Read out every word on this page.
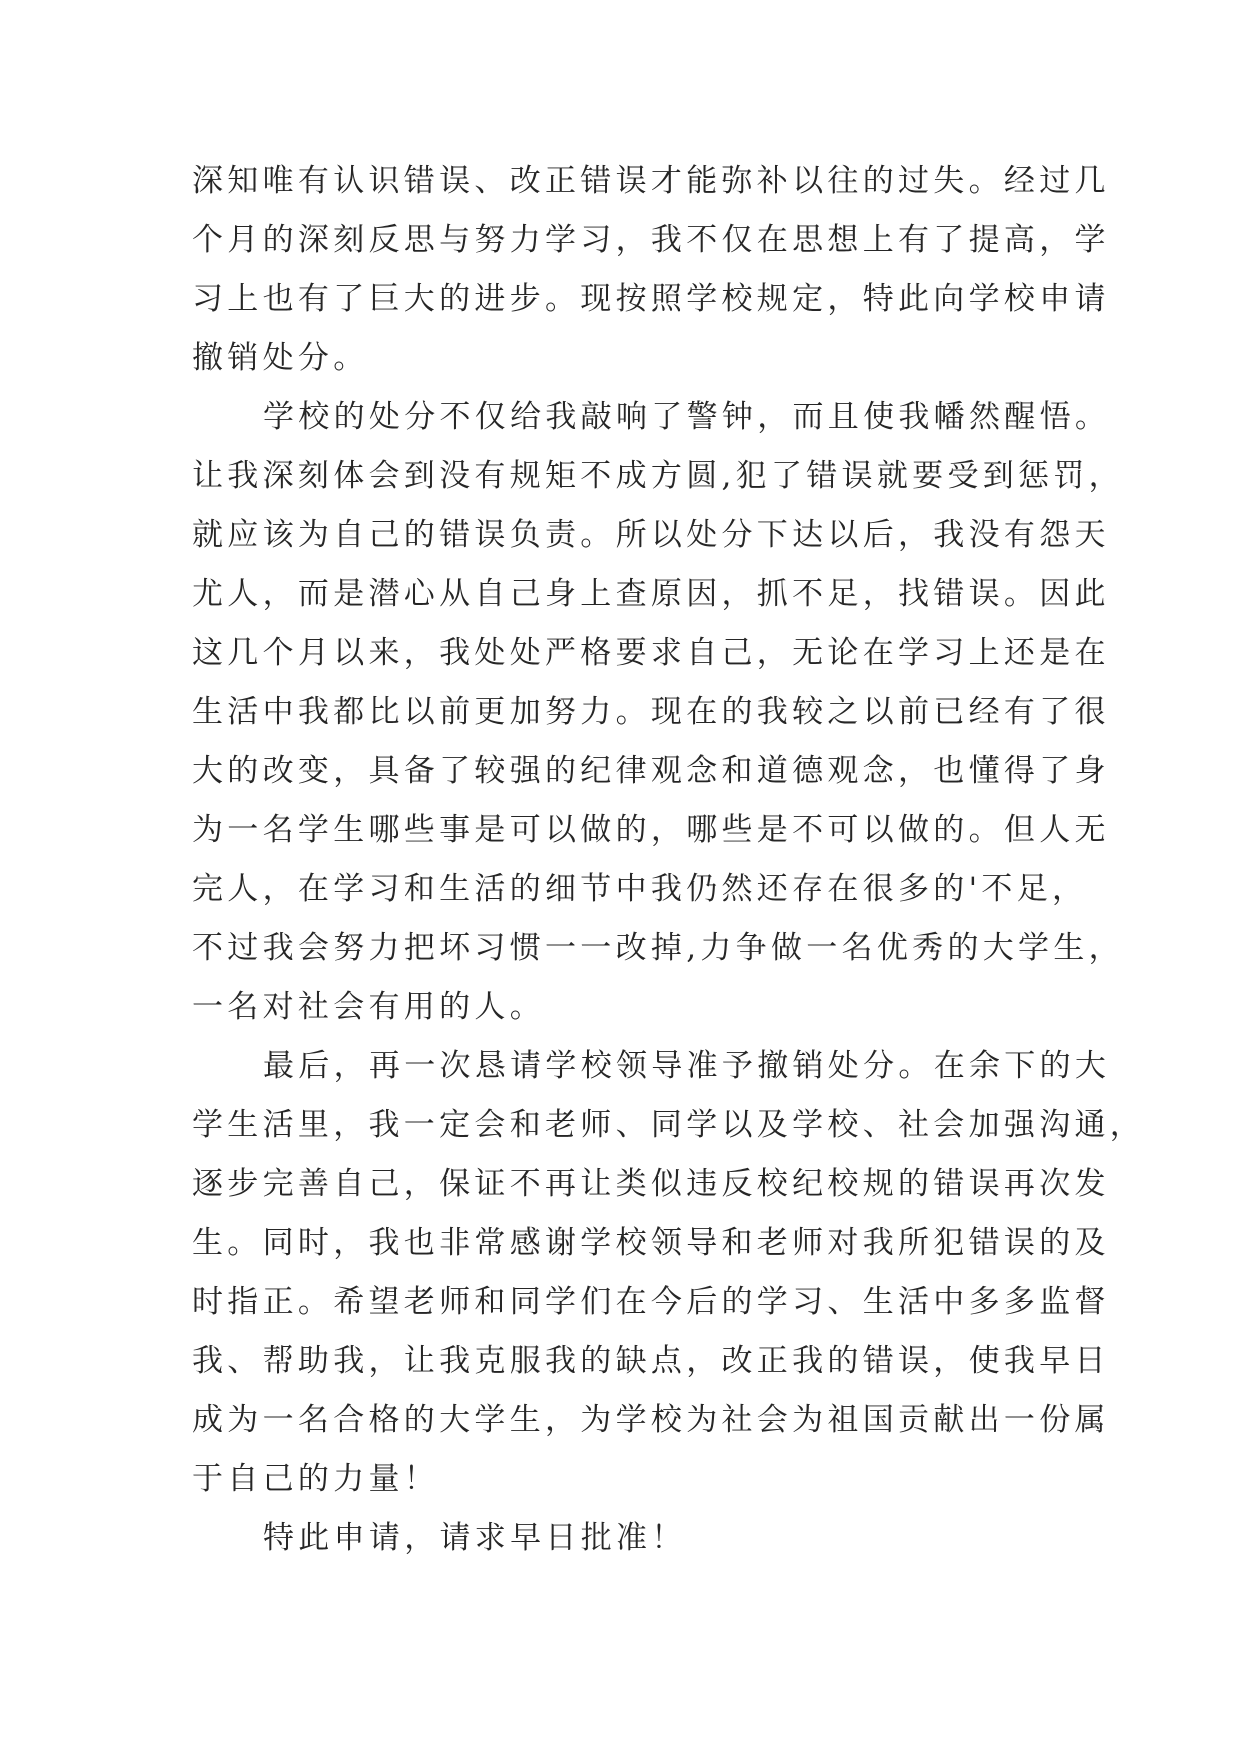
深知唯有认识错误、改正错误才能弥补以往的过失。经过几
个月的深刻反思与努力学习，我不仅在思想上有了提高，学
习上也有了巨大的进步。现按照学校规定，特此向学校申请
撤销处分。
学校的处分不仅给我敲响了警钟，而且使我幡然醒悟。
让我深刻体会到没有规矩不成方圆,犯了错误就要受到惩罚，
就应该为自己的错误负责。所以处分下达以后，我没有怨天
尤人，而是潜心从自己身上查原因，抓不足，找错误。因此
这几个月以来，我处处严格要求自己，无论在学习上还是在
生活中我都比以前更加努力。现在的我较之以前已经有了很
大的改变，具备了较强的纪律观念和道德观念，也懂得了身
为一名学生哪些事是可以做的，哪些是不可以做的。但人无
完人，在学习和生活的细节中我仍然还存在很多的'不足，
不过我会努力把坏习惯一一改掉,力争做一名优秀的大学生，
一名对社会有用的人。
最后，再一次恳请学校领导准予撤销处分。在余下的大
学生活里，我一定会和老师、同学以及学校、社会加强沟通，
逐步完善自己，保证不再让类似违反校纪校规的错误再次发
生。同时，我也非常感谢学校领导和老师对我所犯错误的及
时指正。希望老师和同学们在今后的学习、生活中多多监督
我、帮助我，让我克服我的缺点，改正我的错误，使我早日
成为一名合格的大学生，为学校为社会为祖国贡献出一份属
于自己的力量！
特此申请，请求早日批准！
